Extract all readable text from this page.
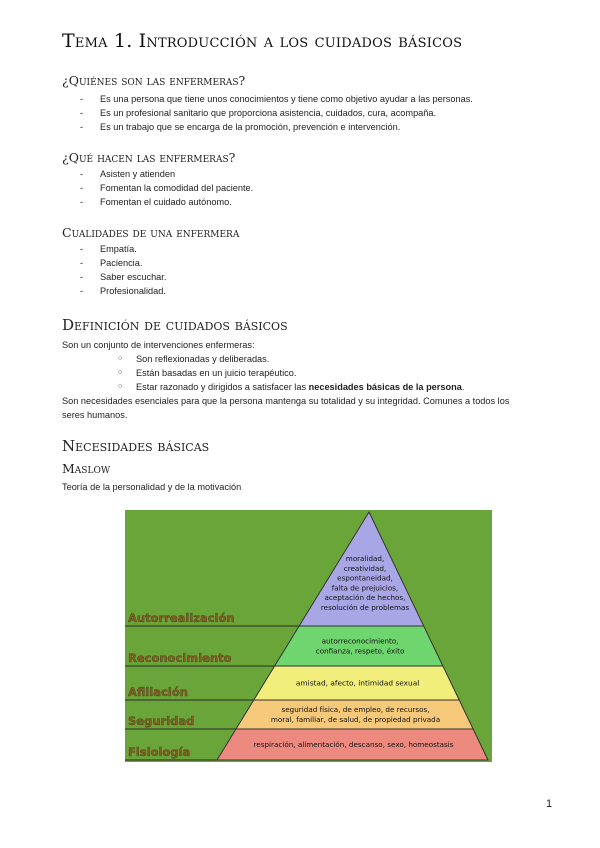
Tema 1. Introducción a los cuidados básicos
¿Quiénes son las enfermeras?
- Es una persona que tiene unos conocimientos y tiene como objetivo ayudar a las personas.
- Es un profesional sanitario que proporciona asistencia, cuidados, cura, acompaña.
- Es un trabajo que se encarga de la promoción, prevención e intervención.
¿Qué hacen las enfermeras?
- Asisten y atienden
- Fomentan la comodidad del paciente.
- Fomentan el cuidado autónomo.
Cualidades de una enfermera
- Empatía.
- Paciencia.
- Saber escuchar.
- Profesionalidad.
Definición de cuidados básicos
Son un conjunto de intervenciones enfermeras:
○ Son reflexionadas y deliberadas.
○ Están basadas en un juicio terapéutico.
○ Estar razonado y dirigidos a satisfacer las necesidades básicas de la persona.
Son necesidades esenciales para que la persona mantenga su totalidad y su integridad. Comunes a todos los seres humanos.
Necesidades básicas
Maslow
Teoría de la personalidad y de la motivación
Autorrealización
moralidad,
creatividad,
espontaneidad,
falta de prejuicios,
aceptación de hechos,
resolución de problemas
Reconocimiento
autorreconocimiento,
confianza, respeto, éxito
Afiliación
amistad, afecto, intimidad sexual
Seguridad
seguridad física, de empleo, de recursos,
moral, familiar, de salud, de propiedad privada
Fisiología
respiración, alimentación, descanso, sexo, homeostasis
1
